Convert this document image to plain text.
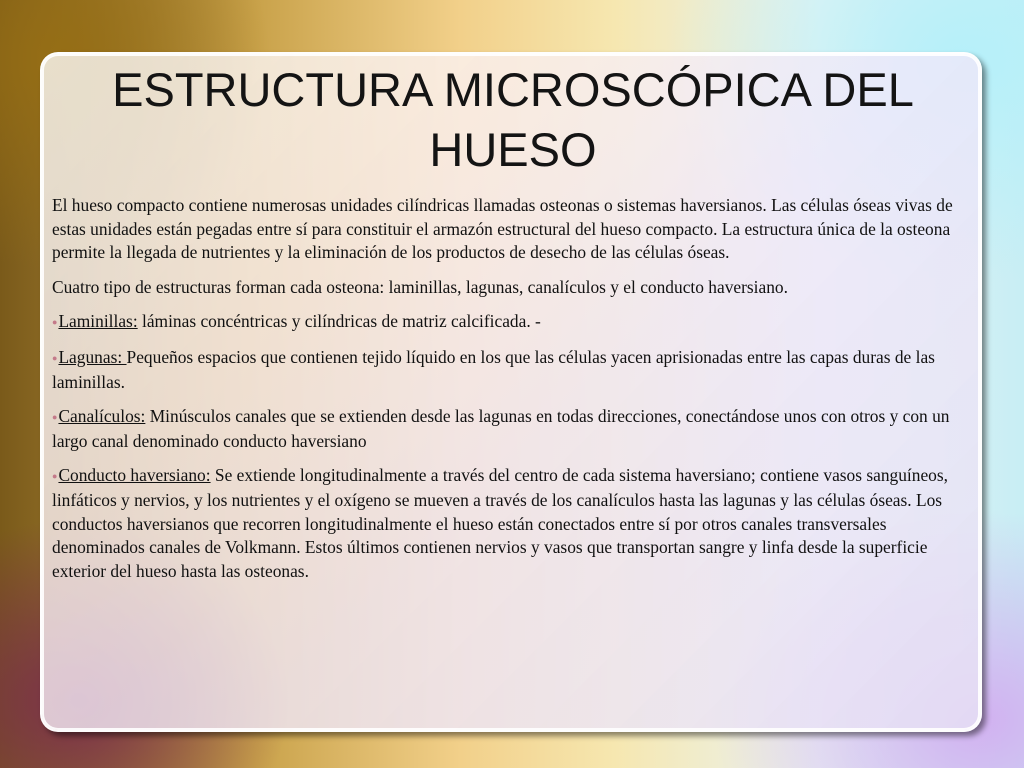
ESTRUCTURA MICROSCÓPICA DEL HUESO

El hueso compacto contiene numerosas unidades cilíndricas llamadas osteonas o sistemas haversianos. Las células óseas vivas de estas unidades están pegadas entre sí para constituir el armazón estructural del hueso compacto. La estructura única de la osteona permite la llegada de nutrientes y la eliminación de los productos de desecho de las células óseas.

Cuatro tipo de estructuras forman cada osteona: laminillas, lagunas, canalículos y el conducto haversiano.

●Laminillas: láminas concéntricas y cilíndricas de matriz calcificada. -

●Lagunas: Pequeños espacios que contienen tejido líquido en los que las células yacen aprisionadas entre las capas duras de las laminillas.

●Canalículos: Minúsculos canales que se extienden desde las lagunas en todas direcciones, conectándose unos con otros y con un largo canal denominado conducto haversiano

●Conducto haversiano: Se extiende longitudinalmente a través del centro de cada sistema haversiano; contiene vasos sanguíneos, linfáticos y nervios, y los nutrientes y el oxígeno se mueven a través de los canalículos hasta las lagunas y las células óseas. Los conductos haversianos que recorren longitudinalmente el hueso están conectados entre sí por otros canales transversales denominados canales de Volkmann. Estos últimos contienen nervios y vasos que transportan sangre y linfa desde la superficie exterior del hueso hasta las osteonas.
